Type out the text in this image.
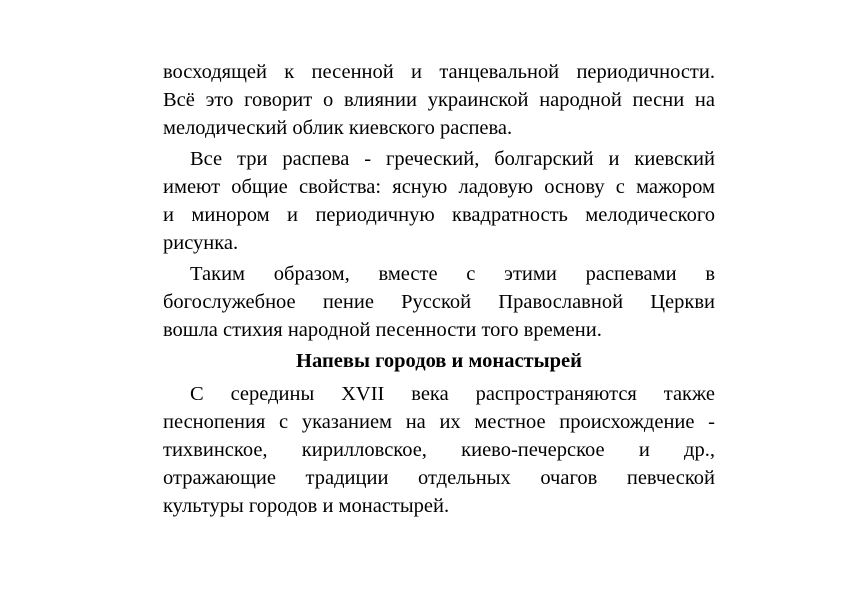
восходящей к песенной и танцевальной периодичности.
Всё это говорит о влиянии украинской народной песни на
мелодический облик киевского распева.

Все три распева - греческий, болгарский и киевский
имеют общие свойства: ясную ладовую основу с мажором
и минором и периодичную квадратность мелодического
рисунка.

Таким образом, вместе с этими распевами в
богослужебное пение Русской Православной Церкви
вошла стихия народной песенности того времени.

Напевы городов и монастырей

С середины XVII века распространяются также
песнопения с указанием на их местное происхождение -
тихвинское, кирилловское, киево-печерское и др.,
отражающие традиции отдельных очагов певческой
культуры городов и монастырей.
